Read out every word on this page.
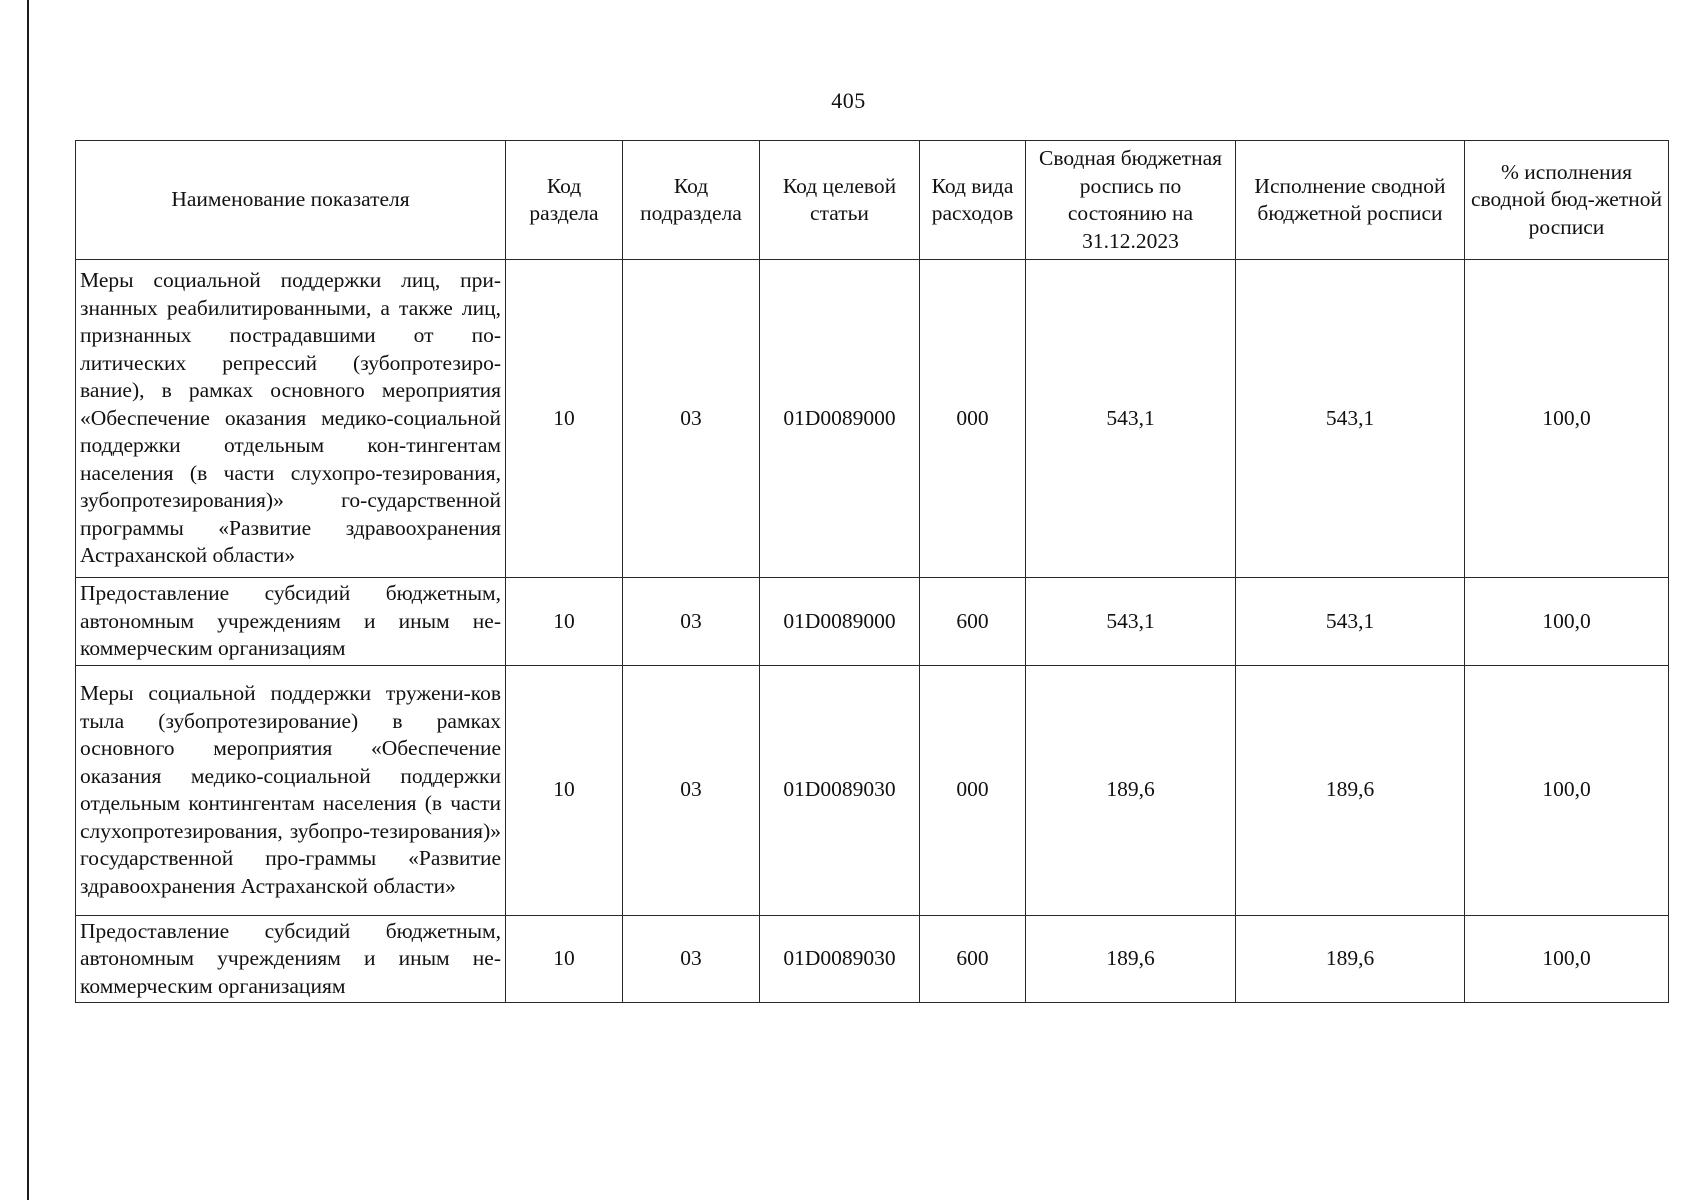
405
Наименование показателя	Код раздела	Код подраздела	Код целевой статьи	Код вида расходов	Сводная бюджетная роспись по состоянию на 31.12.2023	Исполнение сводной бюджетной росписи	% исполнения сводной бюд-жетной росписи
Меры социальной поддержки лиц, при-знанных реабилитированными, а также лиц, признанных пострадавшими от по-литических репрессий (зубопротезиро-вание), в рамках основного мероприятия «Обеспечение оказания медико-социальной поддержки отдельным кон-тингентам населения (в части слухопро-тезирования, зубопротезирования)» го-сударственной программы «Развитие здравоохранения Астраханской области»	10	03	01D0089000	000	543,1	543,1	100,0
Предоставление субсидий бюджетным, автономным учреждениям и иным не-коммерческим организациям	10	03	01D0089000	600	543,1	543,1	100,0
Меры социальной поддержки тружени-ков тыла (зубопротезирование) в рамках основного мероприятия «Обеспечение оказания медико-социальной поддержки отдельным контингентам населения (в части слухопротезирования, зубопро-тезирования)» государственной про-граммы «Развитие здравоохранения Астраханской области»	10	03	01D0089030	000	189,6	189,6	100,0
Предоставление субсидий бюджетным, автономным учреждениям и иным не-коммерческим организациям	10	03	01D0089030	600	189,6	189,6	100,0
